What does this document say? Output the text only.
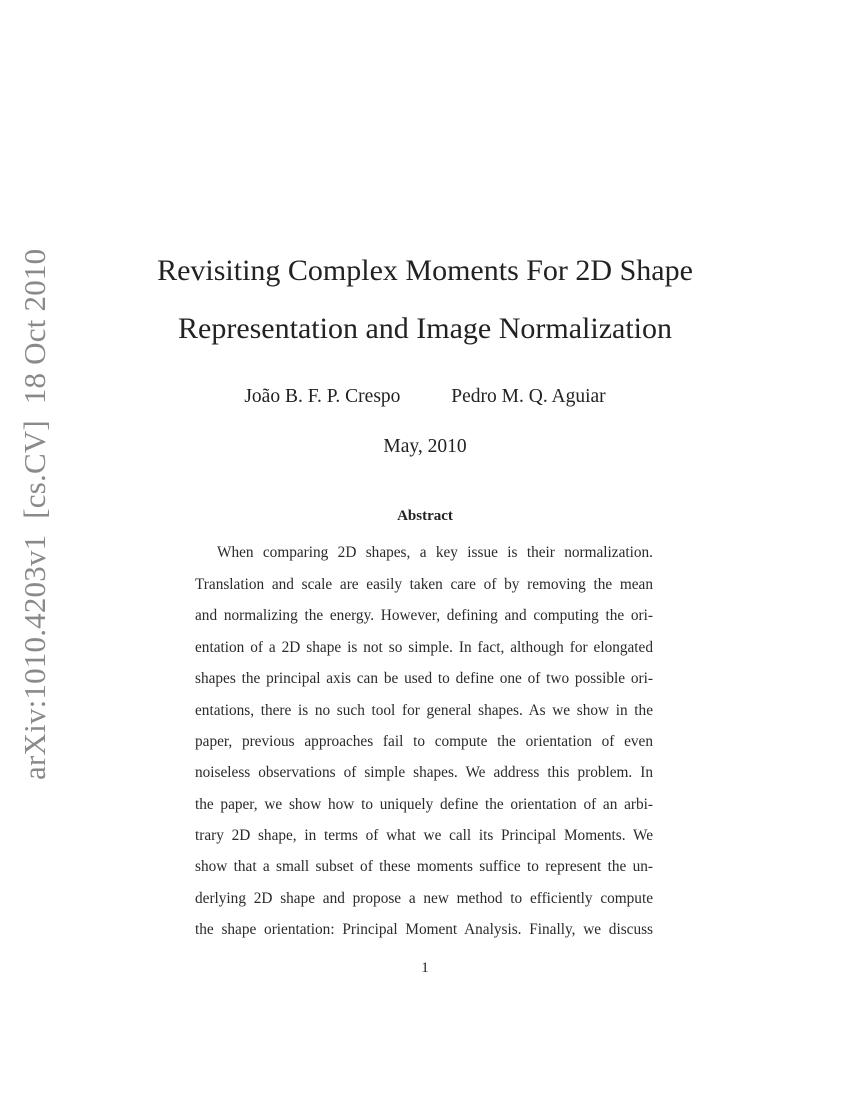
arXiv:1010.4203v1  [cs.CV]  18 Oct 2010	Revisiting Complex Moments For 2D Shape
Representation and Image Normalization
João B. F. P. Crespo	Pedro M. Q. Aguiar
May, 2010
Abstract
When comparing 2D shapes, a key issue is their normalization.
Translation and scale are easily taken care of by removing the mean
and normalizing the energy. However, defining and computing the ori-
entation of a 2D shape is not so simple. In fact, although for elongated
shapes the principal axis can be used to define one of two possible ori-
entations, there is no such tool for general shapes. As we show in the
paper, previous approaches fail to compute the orientation of even
noiseless observations of simple shapes. We address this problem. In
the paper, we show how to uniquely define the orientation of an arbi-
trary 2D shape, in terms of what we call its Principal Moments. We
show that a small subset of these moments suffice to represent the un-
derlying 2D shape and propose a new method to efficiently compute
the shape orientation: Principal Moment Analysis. Finally, we discuss
1
